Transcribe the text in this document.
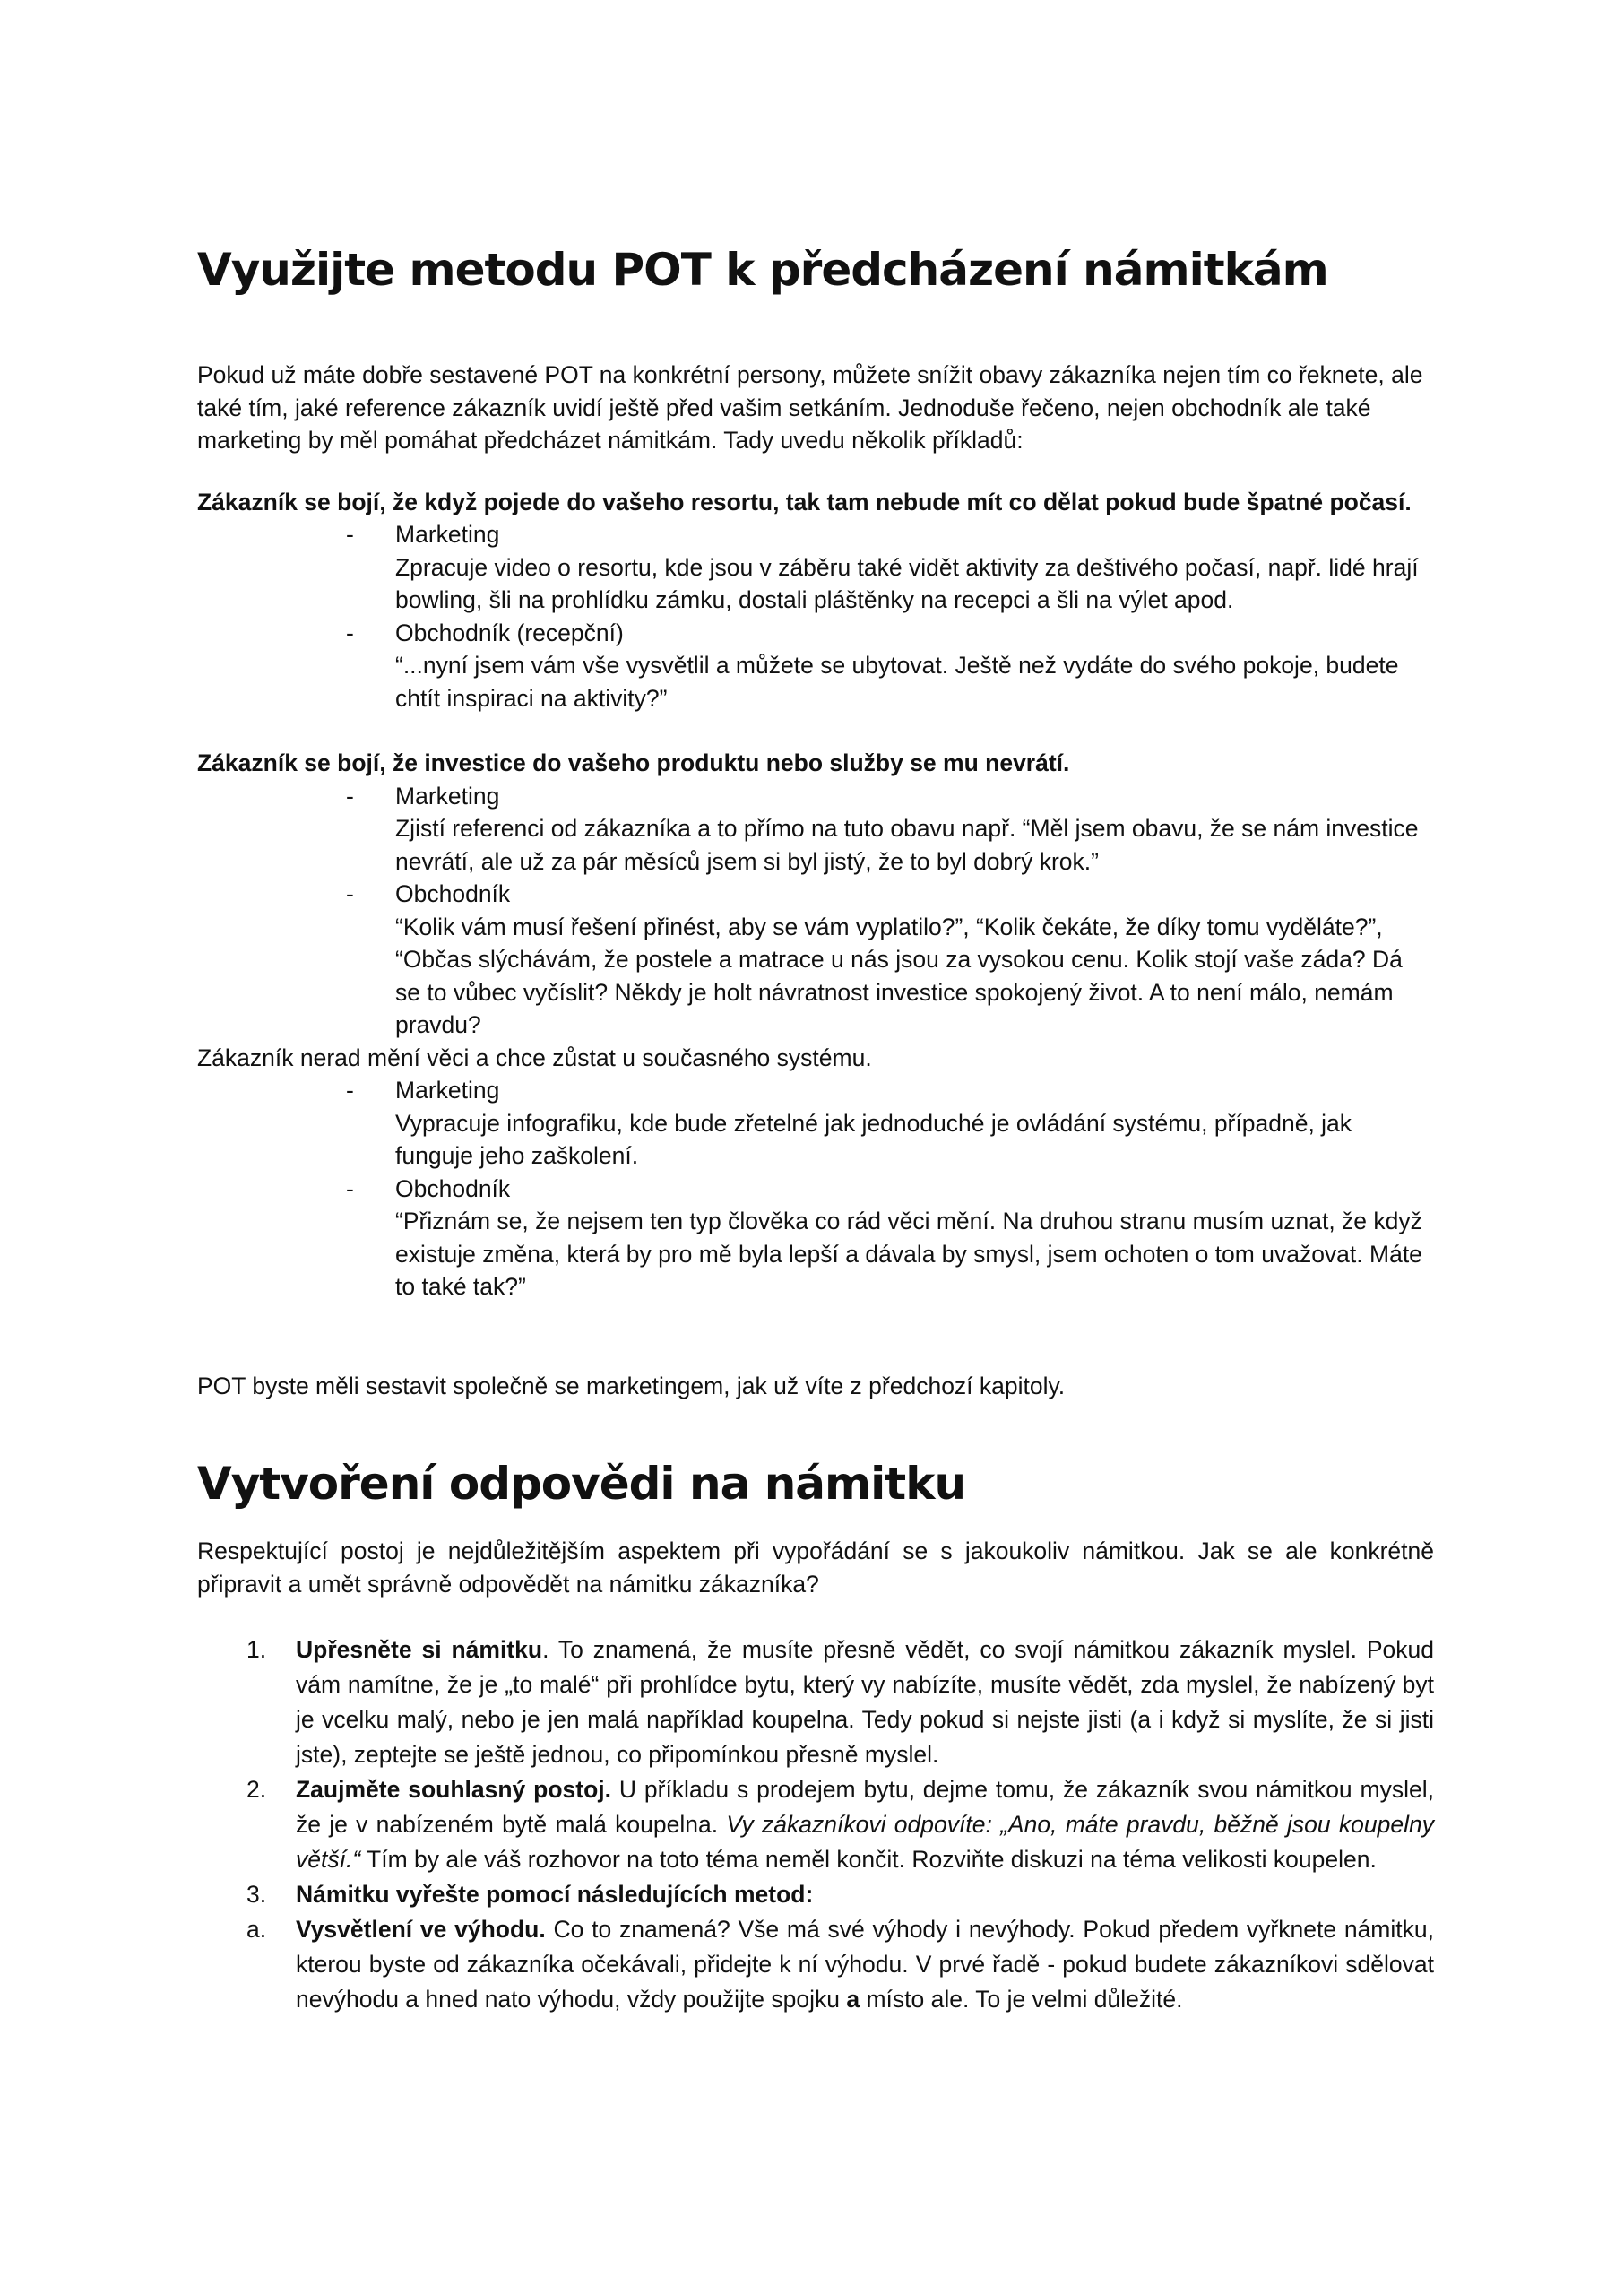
Využijte metodu POT k předcházení námitkám

Pokud už máte dobře sestavené POT na konkrétní persony, můžete snížit obavy zákazníka nejen tím co řeknete, ale také tím, jaké reference zákazník uvidí ještě před vašim setkáním. Jednoduše řečeno, nejen obchodník ale také marketing by měl pomáhat předcházet námitkám. Tady uvedu několik příkladů:

Zákazník se bojí, že když pojede do vašeho resortu, tak tam nebude mít co dělat pokud bude špatné počasí.

- Marketing
Zpracuje video o resortu, kde jsou v záběru také vidět aktivity za deštivého počasí, např. lidé hrají bowling, šli na prohlídku zámku, dostali pláštěnky na recepci a šli na výlet apod.
- Obchodník (recepční)
“...nyní jsem vám vše vysvětlil a můžete se ubytovat. Ještě než vydáte do svého pokoje, budete chtít inspiraci na aktivity?”

Zákazník se bojí, že investice do vašeho produktu nebo služby se mu nevrátí.

- Marketing
Zjistí referenci od zákazníka a to přímo na tuto obavu např. “Měl jsem obavu, že se nám investice nevrátí, ale už za pár měsíců jsem si byl jistý, že to byl dobrý krok.”
- Obchodník
“Kolik vám musí řešení přinést, aby se vám vyplatilo?”, “Kolik čekáte, že díky tomu vyděláte?”, “Občas slýchávám, že postele a matrace u nás jsou za vysokou cenu. Kolik stojí vaše záda? Dá se to vůbec vyčíslit? Někdy je holt návratnost investice spokojený život. A to není málo, nemám pravdu?

Zákazník nerad mění věci a chce zůstat u současného systému.

- Marketing
Vypracuje infografiku, kde bude zřetelné jak jednoduché je ovládání systému, případně, jak funguje jeho zaškolení.
- Obchodník
“Přiznám se, že nejsem ten typ člověka co rád věci mění. Na druhou stranu musím uznat, že když existuje změna, která by pro mě byla lepší a dávala by smysl, jsem ochoten o tom uvažovat. Máte to také tak?”

POT byste měli sestavit společně se marketingem, jak už víte z předchozí kapitoly.

Vytvoření odpovědi na námitku

Respektující postoj je nejdůležitějším aspektem při vypořádání se s jakoukoliv námitkou. Jak se ale konkrétně připravit a umět správně odpovědět na námitku zákazníka?

1. Upřesněte si námitku. To znamená, že musíte přesně vědět, co svojí námitkou zákazník myslel. Pokud vám namítne, že je „to malé“ při prohlídce bytu, který vy nabízíte, musíte vědět, zda myslel, že nabízený byt je vcelku malý, nebo je jen malá například koupelna. Tedy pokud si nejste jisti (a i když si myslíte, že si jisti jste), zeptejte se ještě jednou, co připomínkou přesně myslel.
2. Zaujměte souhlasný postoj. U příkladu s prodejem bytu, dejme tomu, že zákazník svou námitkou myslel, že je v nabízeném bytě malá koupelna. Vy zákazníkovi odpovíte: „Ano, máte pravdu, běžně jsou koupelny větší.“ Tím by ale váš rozhovor na toto téma neměl končit. Rozviňte diskuzi na téma velikosti koupelen.
3. Námitku vyřešte pomocí následujících metod:
a. Vysvětlení ve výhodu. Co to znamená? Vše má své výhody i nevýhody. Pokud předem vyřknete námitku, kterou byste od zákazníka očekávali, přidejte k ní výhodu. V prvé řadě - pokud budete zákazníkovi sdělovat nevýhodu a hned nato výhodu, vždy použijte spojku a místo ale. To je velmi důležité.
